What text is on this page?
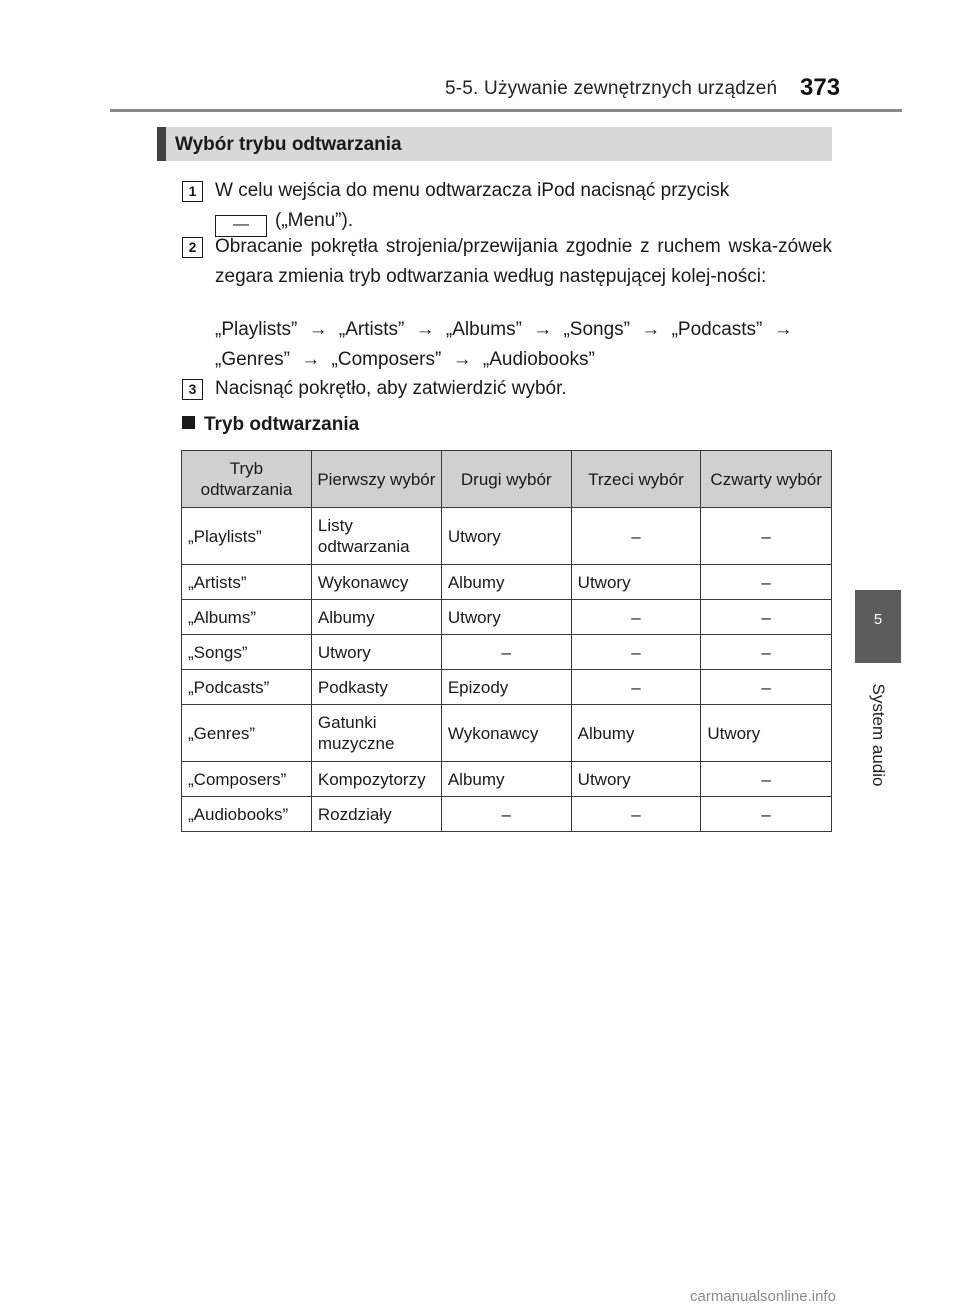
5-5. Używanie zewnętrznych urządzeń 373
5
System audio
Wybór trybu odtwarzania
1 W celu wejścia do menu odtwarzacza iPod nacisnąć przycisk
— („Menu”).
2 Obracanie pokrętła strojenia/przewijania zgodnie z ruchem wska-zówek zegara zmienia tryb odtwarzania według następującej kolej-ności:
„Playlists” → „Artists” → „Albums” → „Songs” → „Podcasts” →
„Genres” → „Composers” → „Audiobooks”
3 Nacisnąć pokrętło, aby zatwierdzić wybór.
Tryb odtwarzania
Tryb odtwarzania	Pierwszy wybór	Drugi wybór	Trzeci wybór	Czwarty wybór
„Playlists”	Listy odtwarzania	Utwory	–	–
„Artists”	Wykonawcy	Albumy	Utwory	–
„Albums”	Albumy	Utwory	–	–
„Songs”	Utwory	–	–	–
„Podcasts”	Podkasty	Epizody	–	–
„Genres”	Gatunki muzyczne	Wykonawcy	Albumy	Utwory
„Composers”	Kompozytorzy	Albumy	Utwory	–
„Audiobooks”	Rozdziały	–	–	–
carmanualsonline.info
